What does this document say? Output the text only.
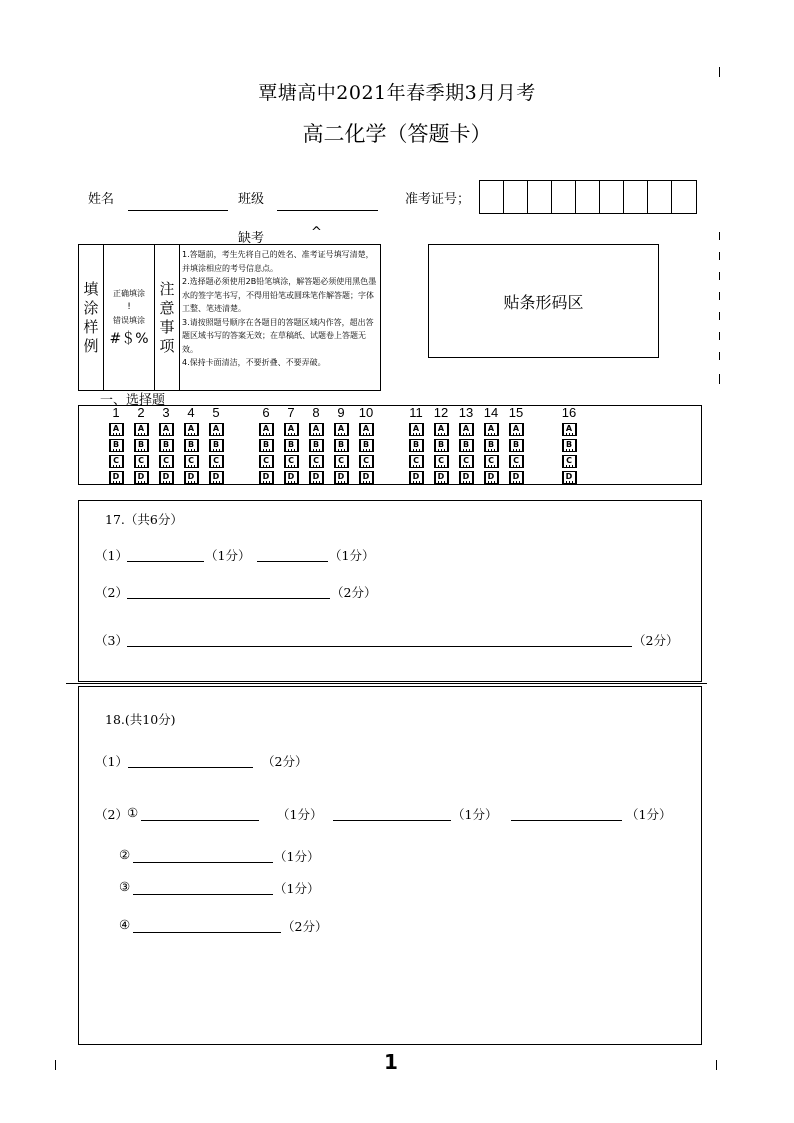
覃塘高中2021年春季期3月月考
高二化学（答题卡）
姓名	班级	准考证号；
缺考	^
填
涂
样
例
正确填涂
!
错误填涂
#＄%
注
意
事
项
1.答题前，考生先将自己的姓名、准考证号填写清楚，并填涂相应的考号信息点。
2.选择题必须使用2B铅笔填涂，解答题必须使用黑色墨水的签字笔书写，不得用铅笔或圆珠笔作解答题；字体工整、笔迹清楚。
3.请按照题号顺序在各题目的答题区域内作答，超出答题区域书写的答案无效；在草稿纸、试题卷上答题无效。
4.保持卡面清洁，不要折叠、不要弄破。
贴条形码区
一、选择题
1
A
B
C
D
2
A
B
C
D
3
A
B
C
D
4
A
B
C
D
5
A
B
C
D
6
A
B
C
D
7
A
B
C
D
8
A
B
C
D
9
A
B
C
D
10
A
B
C
D
11
A
B
C
D
12
A
B
C
D
13
A
B
C
D
14
A
B
C
D
15
A
B
C
D
16
A
B
C
D
17.（共6分）
（1）	（1分）	（1分）
（2）	（2分）
（3）	（2分）
18.(共10分)
（1）	（2分）
（2） ①	（1分）	（1分）	（1分）
②	（1分）
③	（1分）
④	（2分）
1
